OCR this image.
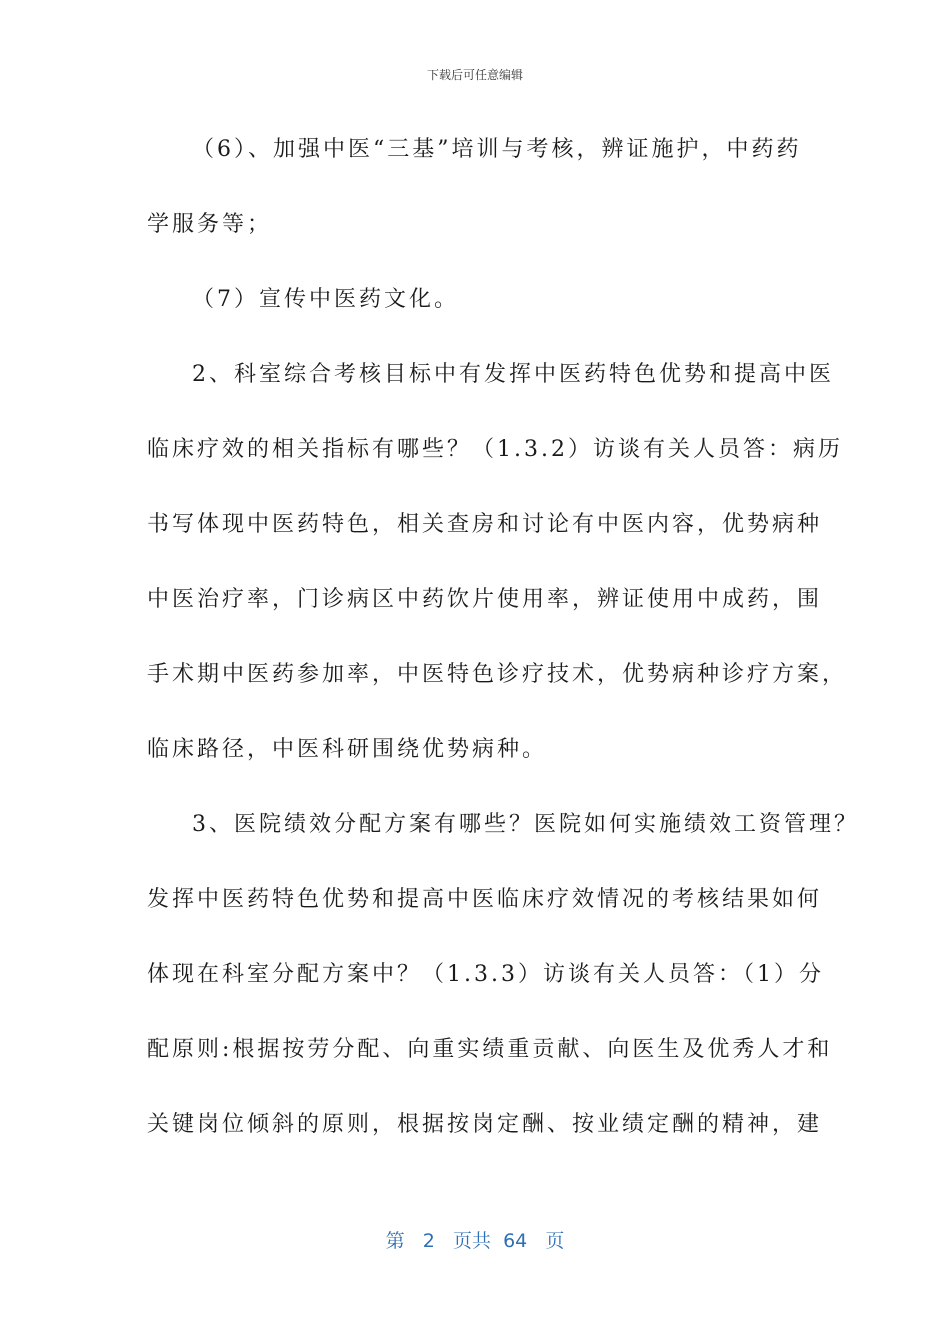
下载后可任意编辑
（6）、加强中医“三基”培训与考核，辨证施护，中药药
学服务等；
（7）宣传中医药文化。
2、科室综合考核目标中有发挥中医药特色优势和提高中医
临床疗效的相关指标有哪些？（1.3.2）访谈有关人员答：病历
书写体现中医药特色，相关查房和讨论有中医内容，优势病种
中医治疗率，门诊病区中药饮片使用率，辨证使用中成药，围
手术期中医药参加率，中医特色诊疗技术，优势病种诊疗方案，
临床路径，中医科研围绕优势病种。
3、医院绩效分配方案有哪些？医院如何实施绩效工资管理？
发挥中医药特色优势和提高中医临床疗效情况的考核结果如何
体现在科室分配方案中？（1.3.3）访谈有关人员答：（1）分
配原则:根据按劳分配、向重实绩重贡献、向医生及优秀人才和
关键岗位倾斜的原则，根据按岗定酬、按业绩定酬的精神，建
第 2 页共 64 页
